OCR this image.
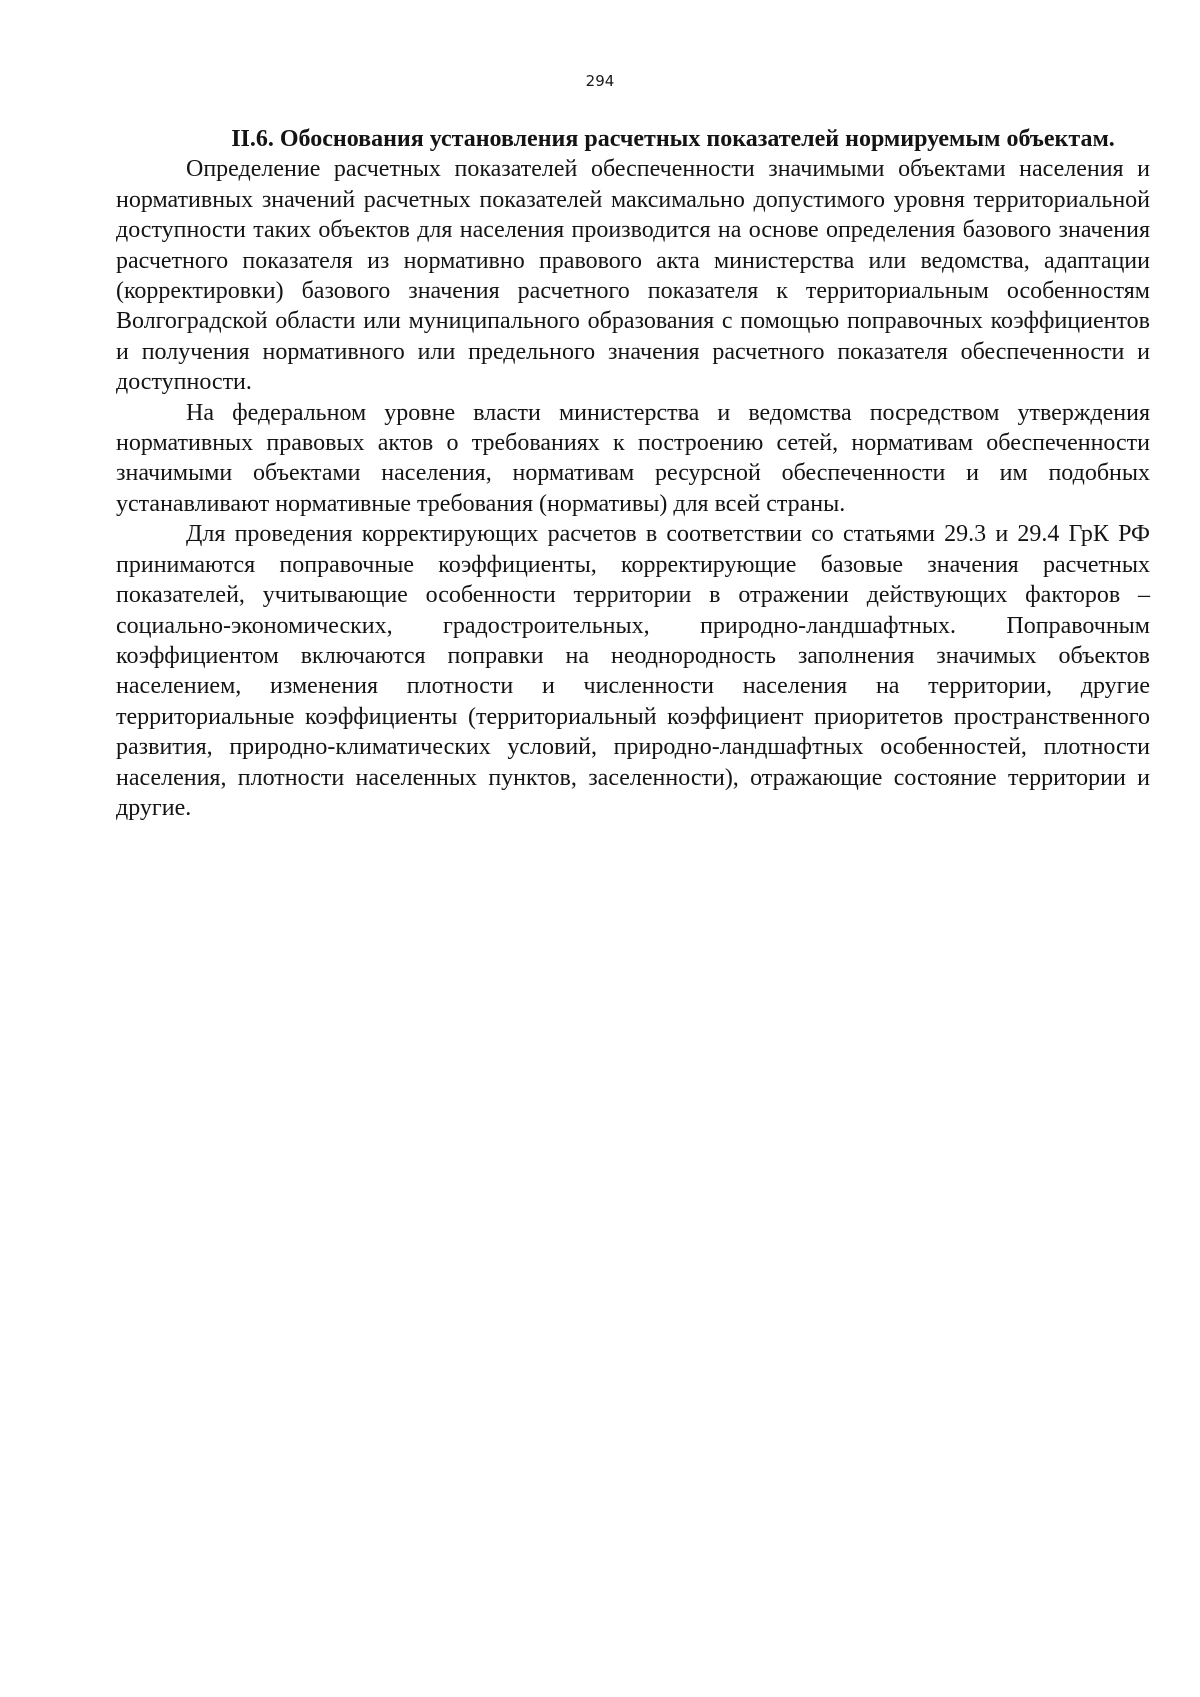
294

II.6. Обоснования установления расчетных показателей нормируемым объектам.

Определение расчетных показателей обеспеченности значимыми объектами населения и нормативных значений расчетных показателей максимально допустимого уровня территориальной доступности таких объектов для населения производится на основе определения базового значения расчетного показателя из нормативно правового акта министерства или ведомства, адаптации (корректировки) базового значения расчетного показателя к территориальным особенностям Волгоградской области или муниципального образования с помощью поправочных коэффициентов и получения нормативного или предельного значения расчетного показателя обеспеченности и доступности.

На федеральном уровне власти министерства и ведомства посредством утверждения нормативных правовых актов о требованиях к построению сетей, нормативам обеспеченности значимыми объектами населения, нормативам ресурсной обеспеченности и им подобных устанавливают нормативные требования (нормативы) для всей страны.

Для проведения корректирующих расчетов в соответствии со статьями 29.3 и 29.4 ГрК РФ принимаются поправочные коэффициенты, корректирующие базовые значения расчетных показателей, учитывающие особенности территории в отражении действующих факторов – социально-экономических, градостроительных, природно-ландшафтных. Поправочным коэффициентом включаются поправки на неоднородность заполнения значимых объектов населением, изменения плотности и численности населения на территории, другие территориальные коэффициенты (территориальный коэффициент приоритетов пространственного развития, природно-климатических условий, природно-ландшафтных особенностей, плотности населения, плотности населенных пунктов, заселенности), отражающие состояние территории и другие.
